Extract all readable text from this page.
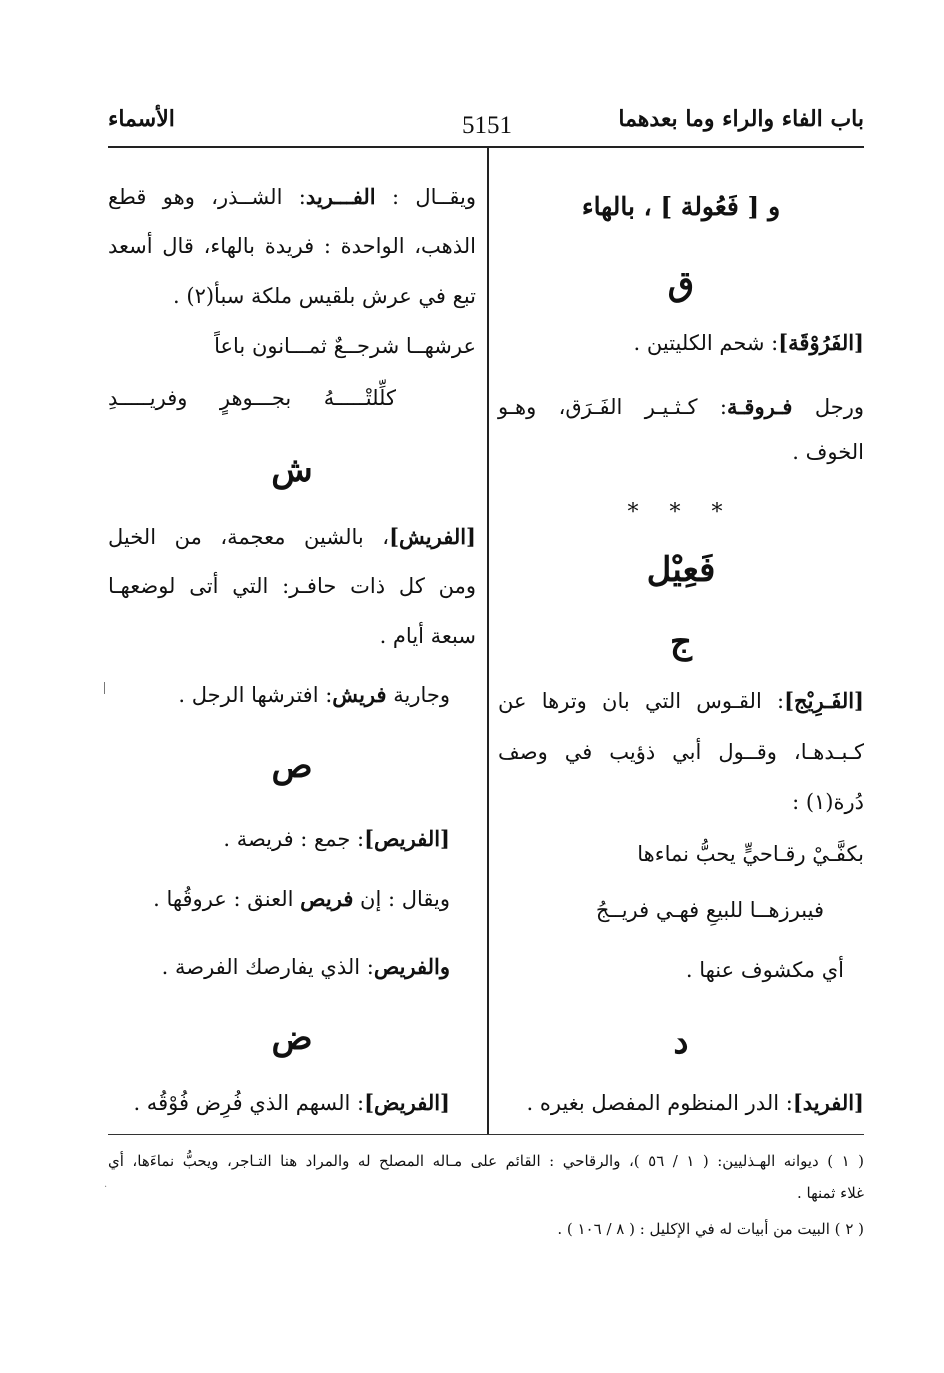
باب الفاء والراء وما بعدهما
5151
الأسماء
و [ فَعُولة ] ، بالهاء
ق
[الفَرُوْقَة]: شحم الكليتين .
ورجل فـروقـة: كـثـيـر الفَـرَق، وهـو
الخوف .
* * *
فَعِيْل
ج
[الفَـرِيْج]: القـوس التي بان وترها عن
كـبـدهـا، وقــول أبي ذؤيب في وصف
دُرة(١) :
بكفَّـيْ رقـاحيٍّ يحبُّ نماءها
فيبرزهــا للبيعِ فهـي فريــجُ
أي مكشوف عنها .
د
[الفريد]: الدر المنظوم المفصل بغيره .
ويقــال : الفـــريد: الشــذر، وهو قطع
الذهب، الواحدة : فريدة بالهاء، قال أسعد
تبع في عرش بلقيس ملكة سبأ(٢) .
عرشهــا شرجــعٌ ثمـــانون باعاً
كلِّلتْـــــهُ بجـــوهرٍ وفريـــــدِ
ش
[الفريش]، بالشين معجمة، من الخيل
ومن كل ذات حافـر: التي أتى لوضعهـا
سبعة أيام .
وجارية فريش: افترشها الرجل .
ص
[الفريص]: جمع : فريصة .
ويقال : إن فريص العنق : عروقُها .
والفريص: الذي يفارصك الفرصة .
ض
[الفريض]: السهم الذي فُرِض فُوْقُه .
·
( ١ ) ديوانه الهـذليين: ( ١ / ٥٦ )، والرقاحي : القائم على مـاله المصلح له والمراد هنا التـاجر، ويحبُّ نماءَها، أي
غلاء ثمنها .
( ٢ ) البيت من أبيات له في الإكليل : ( ٨ / ١٠٦ ) .
